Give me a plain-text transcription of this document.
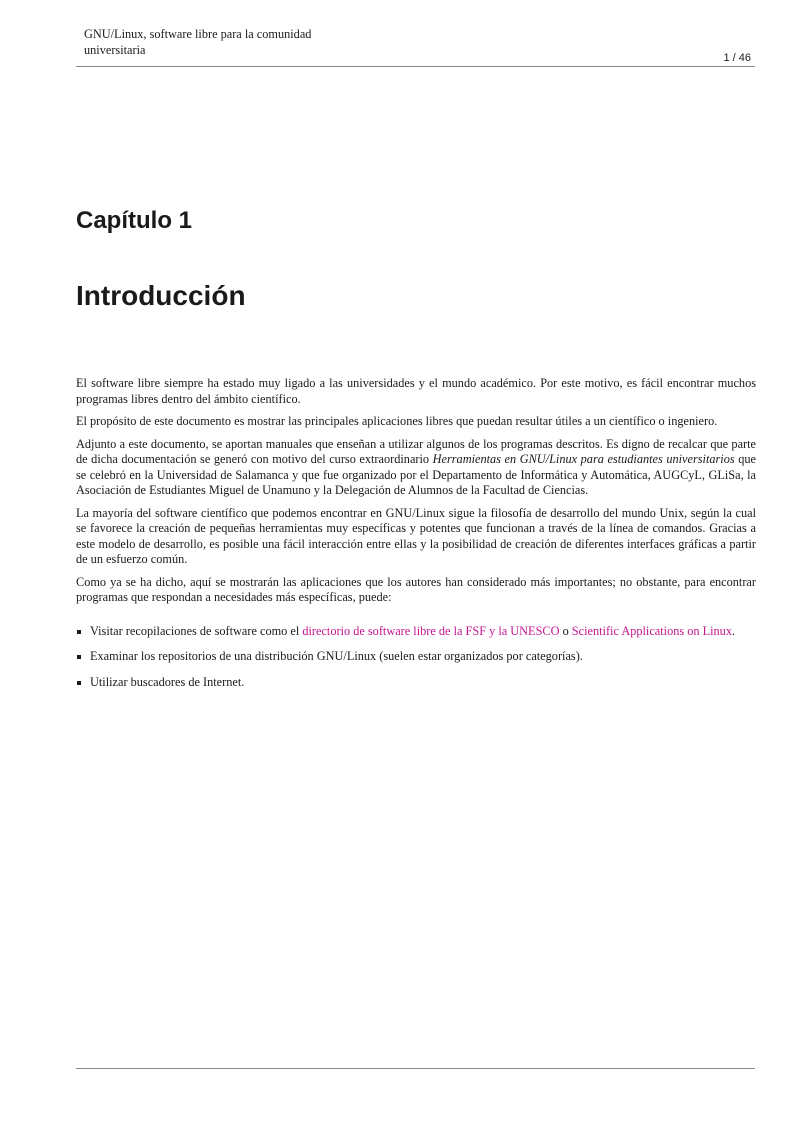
GNU/Linux, software libre para la comunidad universitaria
1 / 46
Capítulo 1
Introducción

El software libre siempre ha estado muy ligado a las universidades y el mundo académico. Por este motivo, es fácil encontrar muchos programas libres dentro del ámbito científico.

El propósito de este documento es mostrar las principales aplicaciones libres que puedan resultar útiles a un científico o ingeniero.

Adjunto a este documento, se aportan manuales que enseñan a utilizar algunos de los programas descritos. Es digno de recalcar que parte de dicha documentación se generó con motivo del curso extraordinario Herramientas en GNU/Linux para estudiantes universitarios que se celebró en la Universidad de Salamanca y que fue organizado por el Departamento de Informática y Automática, AUGCyL, GLiSa, la Asociación de Estudiantes Miguel de Unamuno y la Delegación de Alumnos de la Facultad de Ciencias.

La mayoría del software científico que podemos encontrar en GNU/Linux sigue la filosofía de desarrollo del mundo Unix, según la cual se favorece la creación de pequeñas herramientas muy específicas y potentes que funcionan a través de la línea de comandos. Gracias a este modelo de desarrollo, es posible una fácil interacción entre ellas y la posibilidad de creación de diferentes interfaces gráficas a partir de un esfuerzo común.

Como ya se ha dicho, aquí se mostrarán las aplicaciones que los autores han considerado más importantes; no obstante, para encontrar programas que respondan a necesidades más específicas, puede:

Visitar recopilaciones de software como el directorio de software libre de la FSF y la UNESCO o Scientific Applications on Linux.
Examinar los repositorios de una distribución GNU/Linux (suelen estar organizados por categorías).
Utilizar buscadores de Internet.
